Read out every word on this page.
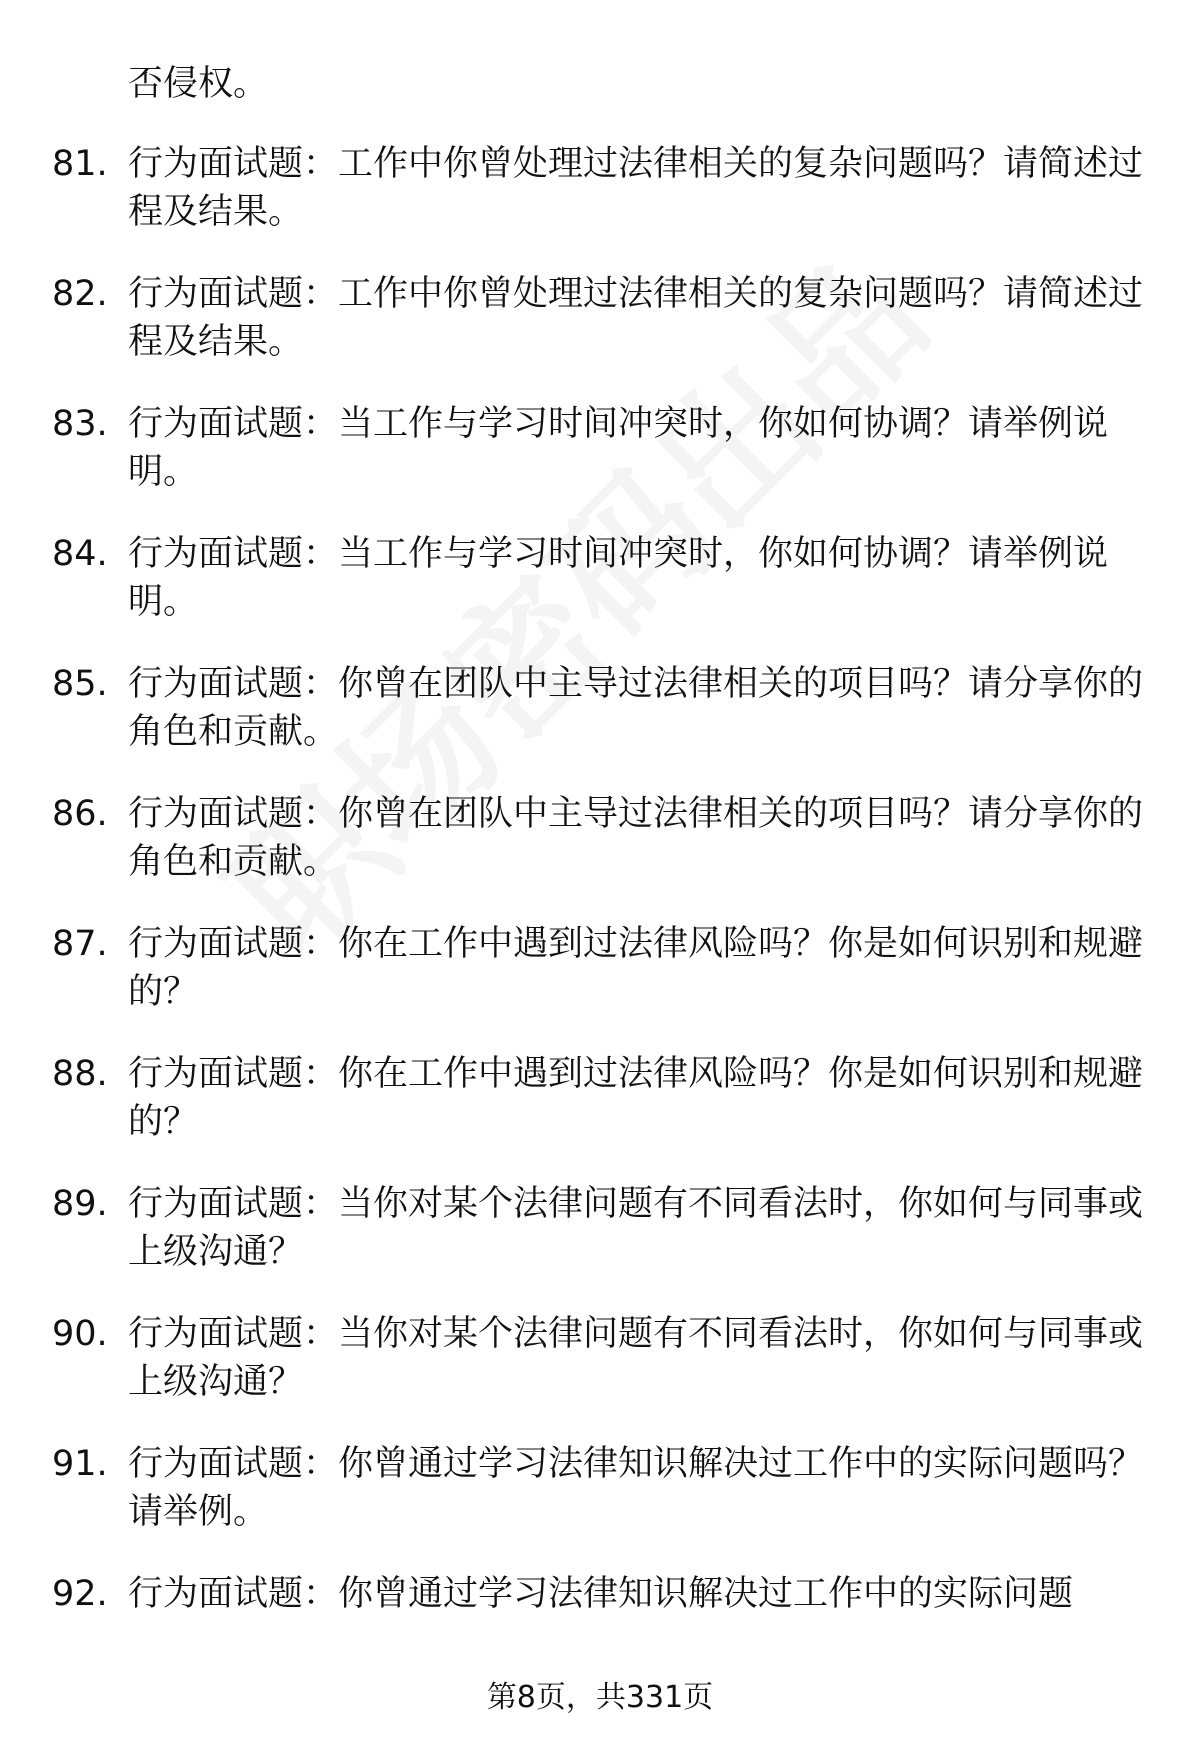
否侵权。
81. 行为面试题：工作中你曾处理过法律相关的复杂问题吗？请简述过程及结果。
82. 行为面试题：工作中你曾处理过法律相关的复杂问题吗？请简述过程及结果。
83. 行为面试题：当工作与学习时间冲突时，你如何协调？请举例说明。
84. 行为面试题：当工作与学习时间冲突时，你如何协调？请举例说明。
85. 行为面试题：你曾在团队中主导过法律相关的项目吗？请分享你的角色和贡献。
86. 行为面试题：你曾在团队中主导过法律相关的项目吗？请分享你的角色和贡献。
87. 行为面试题：你在工作中遇到过法律风险吗？你是如何识别和规避的？
88. 行为面试题：你在工作中遇到过法律风险吗？你是如何识别和规避的？
89. 行为面试题：当你对某个法律问题有不同看法时，你如何与同事或上级沟通？
90. 行为面试题：当你对某个法律问题有不同看法时，你如何与同事或上级沟通？
91. 行为面试题：你曾通过学习法律知识解决过工作中的实际问题吗？请举例。
92. 行为面试题：你曾通过学习法律知识解决过工作中的实际问题
第8页，共331页
